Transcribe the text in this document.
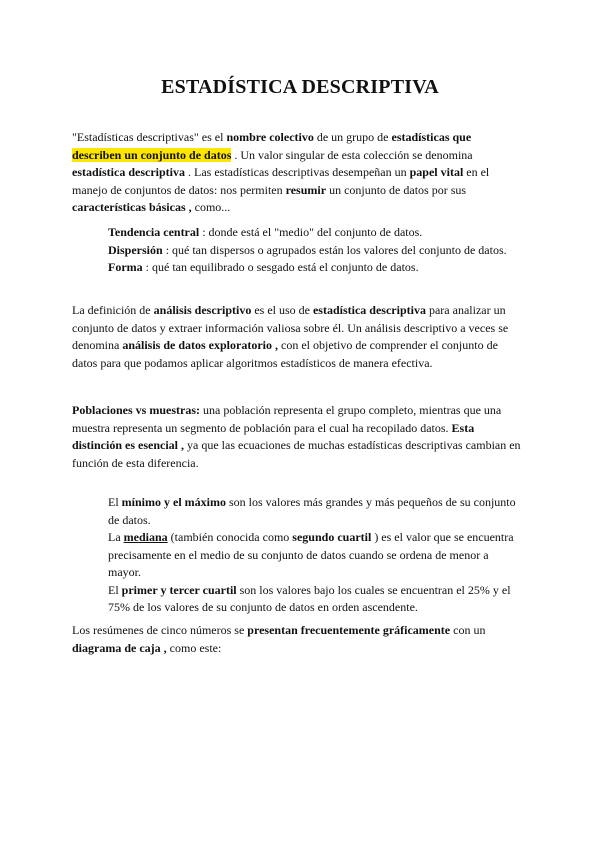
ESTADÍSTICA DESCRIPTIVA
"Estadísticas descriptivas" es el nombre colectivo de un grupo de estadísticas que
describen un conjunto de datos . Un valor singular de esta colección se denomina
estadística descriptiva . Las estadísticas descriptivas desempeñan un papel vital en el
manejo de conjuntos de datos: nos permiten resumir un conjunto de datos por sus
características básicas , como...
Tendencia central : donde está el "medio" del conjunto de datos.
Dispersión : qué tan dispersos o agrupados están los valores del conjunto de datos.
Forma : qué tan equilibrado o sesgado está el conjunto de datos.
La definición de análisis descriptivo es el uso de estadística descriptiva para analizar un
conjunto de datos y extraer información valiosa sobre él. Un análisis descriptivo a veces se
denomina análisis de datos exploratorio , con el objetivo de comprender el conjunto de
datos para que podamos aplicar algoritmos estadísticos de manera efectiva.
Poblaciones vs muestras: una población representa el grupo completo, mientras que una
muestra representa un segmento de población para el cual ha recopilado datos. Esta
distinción es esencial , ya que las ecuaciones de muchas estadísticas descriptivas cambian en
función de esta diferencia.
El mínimo y el máximo son los valores más grandes y más pequeños de su conjunto
de datos.
La mediana (también conocida como segundo cuartil ) es el valor que se encuentra
precisamente en el medio de su conjunto de datos cuando se ordena de menor a
mayor.
El primer y tercer cuartil son los valores bajo los cuales se encuentran el 25% y el
75% de los valores de su conjunto de datos en orden ascendente.
Los resúmenes de cinco números se presentan frecuentemente gráficamente con un
diagrama de caja , como este:
